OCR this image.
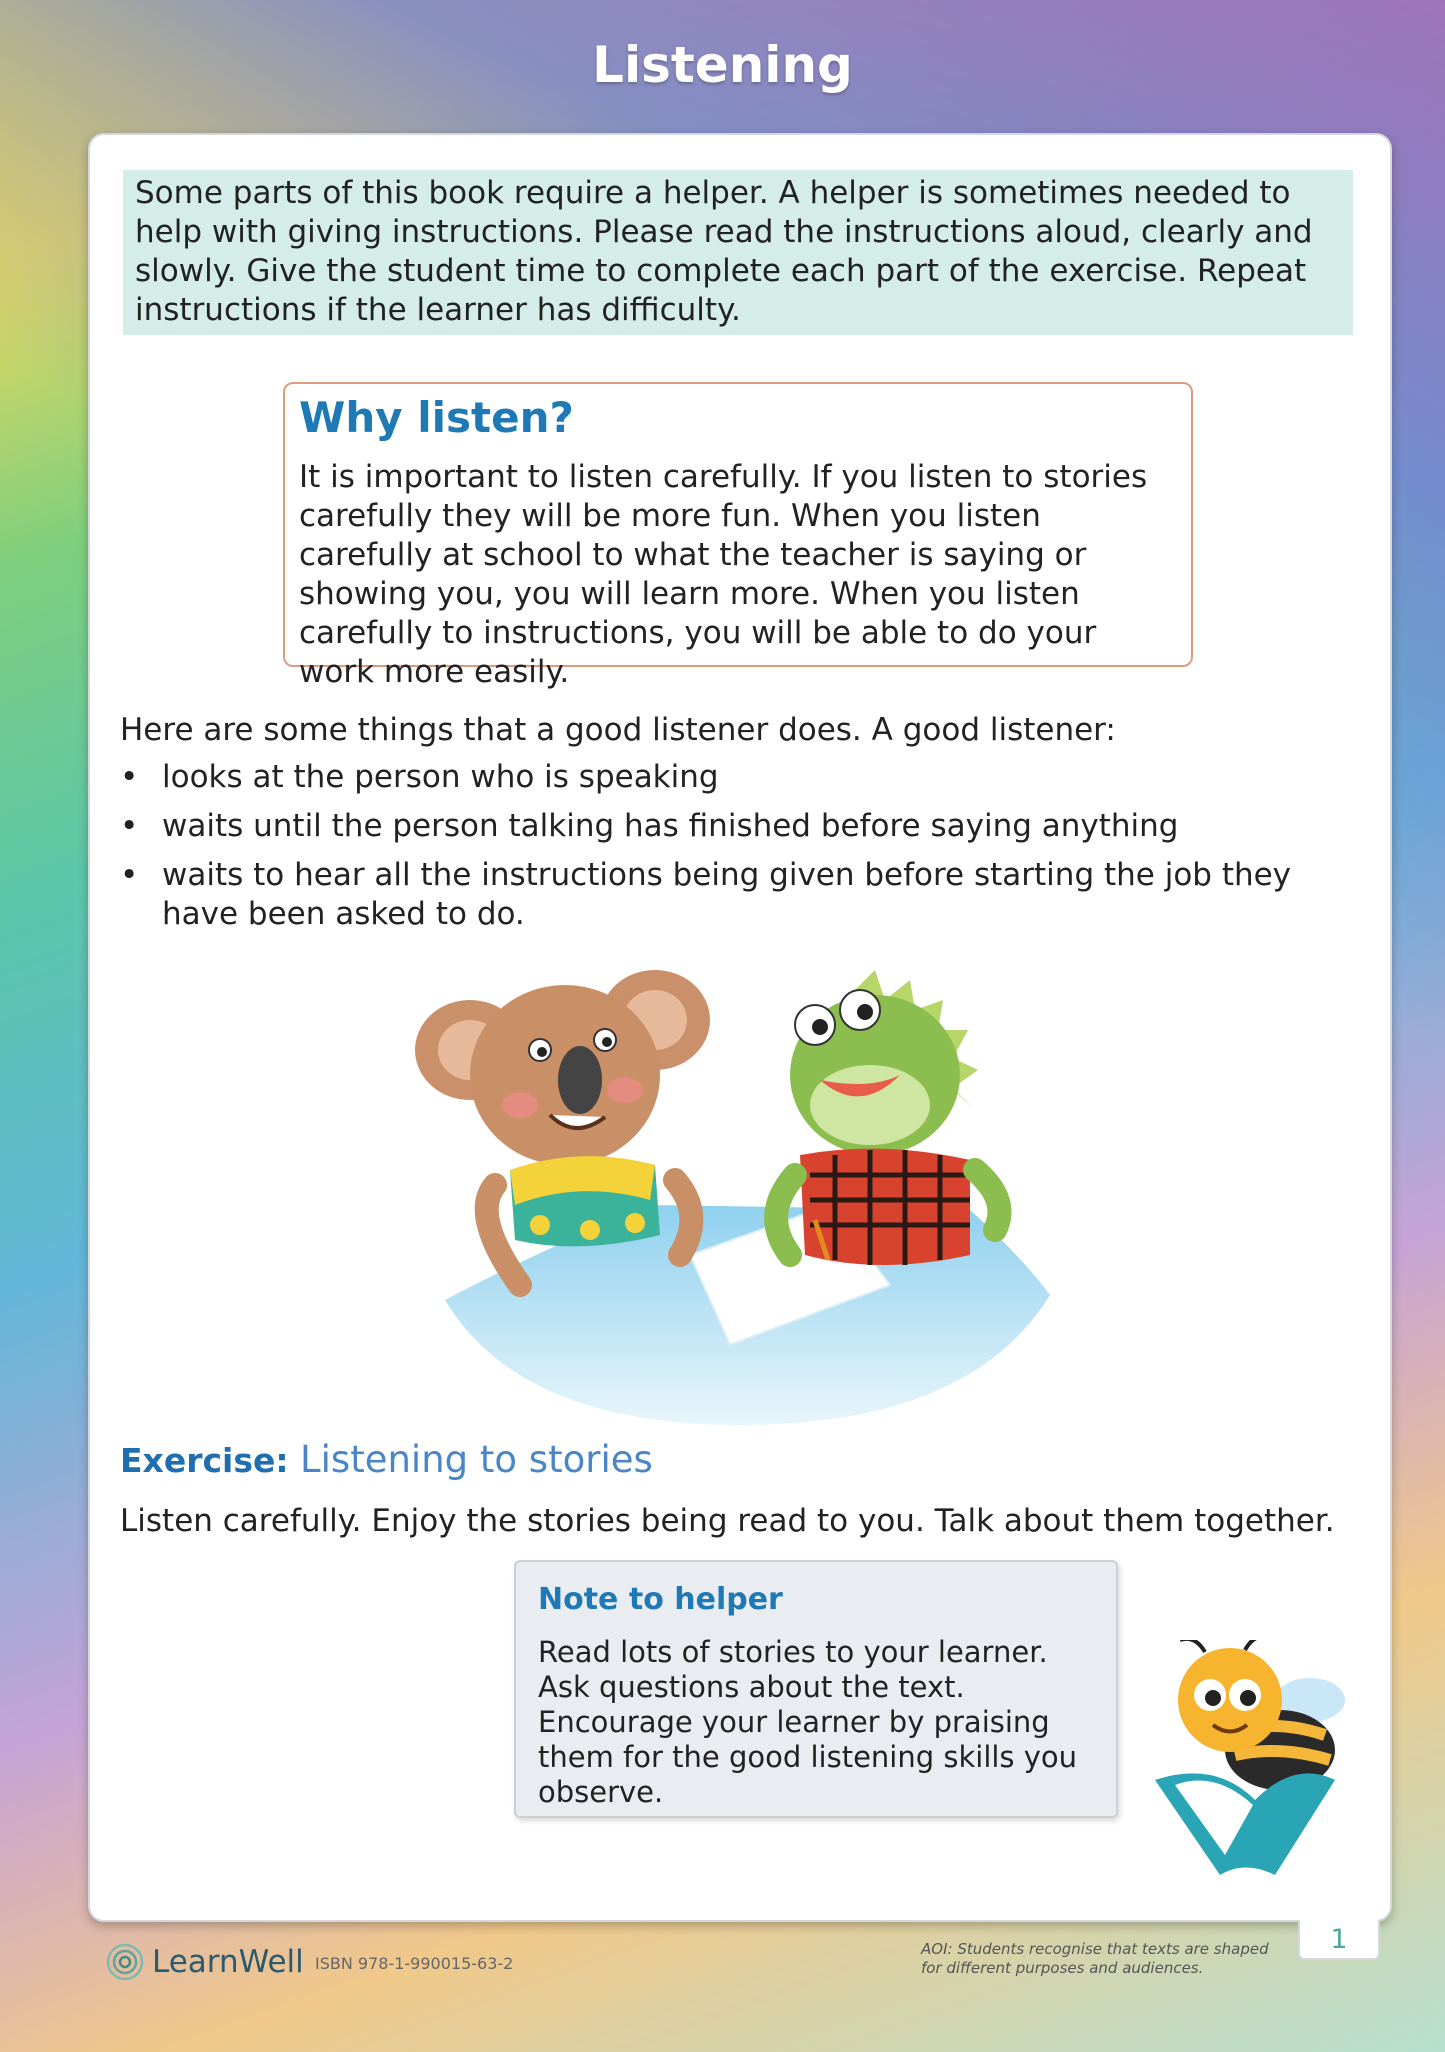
Listening
Some parts of this book require a helper. A helper is sometimes needed to help with giving instructions. Please read the instructions aloud, clearly and slowly. Give the student time to complete each part of the exercise. Repeat instructions if the learner has difficulty.
Why listen?

It is important to listen carefully. If you listen to stories carefully they will be more fun. When you listen carefully at school to what the teacher is saying or showing you, you will learn more. When you listen carefully to instructions, you will be able to do your work more easily.

Here are some things that a good listener does. A good listener:
• looks at the person who is speaking
• waits until the person talking has finished before saying anything
• waits to hear all the instructions being given before starting the job they have been asked to do.
Exercise: Listening to stories
Listen carefully. Enjoy the stories being read to you. Talk about them together.
Note to helper
Read lots of stories to your learner. Ask questions about the text. Encourage your learner by praising them for the good listening skills you observe.
LearnWell ISBN 978-1-990015-63-2
AOI: Students recognise that texts are shaped for different purposes and audiences.
1
